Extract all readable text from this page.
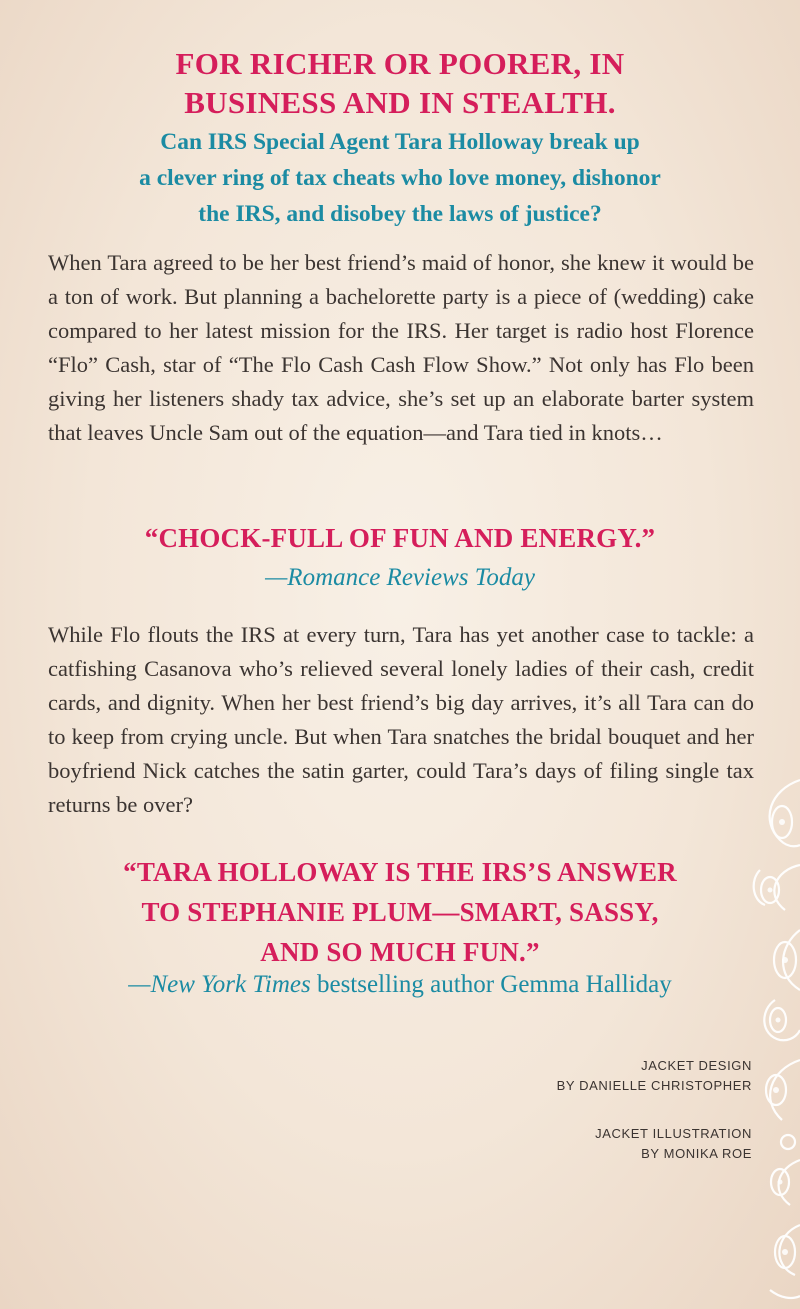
FOR RICHER OR POORER, IN
BUSINESS AND IN STEALTH.
Can IRS Special Agent Tara Holloway break up
a clever ring of tax cheats who love money, dishonor
the IRS, and disobey the laws of justice?

When Tara agreed to be her best friend’s maid of honor, she knew it would be a ton of work. But planning a bachelorette party is a piece of (wedding) cake compared to her latest mission for the IRS. Her target is radio host Florence “Flo” Cash, star of “The Flo Cash Cash Flow Show.” Not only has Flo been giving her listeners shady tax advice, she’s set up an elaborate barter system that leaves Uncle Sam out of the equation—and Tara tied in knots…

“CHOCK-FULL OF FUN AND ENERGY.”

—Romance Reviews Today

While Flo flouts the IRS at every turn, Tara has yet another case to tackle: a catfishing Casanova who’s relieved several lonely ladies of their cash, credit cards, and dignity. When her best friend’s big day arrives, it’s all Tara can do to keep from crying uncle. But when Tara snatches the bridal bouquet and her boyfriend Nick catches the satin garter, could Tara’s days of filing single tax returns be over?

“TARA HOLLOWAY IS THE IRS’S ANSWER
TO STEPHANIE PLUM—SMART, SASSY,
AND SO MUCH FUN.”

—New York Times bestselling author Gemma Halliday

JACKET DESIGN
BY DANIELLE CHRISTOPHER

JACKET ILLUSTRATION
BY MONIKA ROE
